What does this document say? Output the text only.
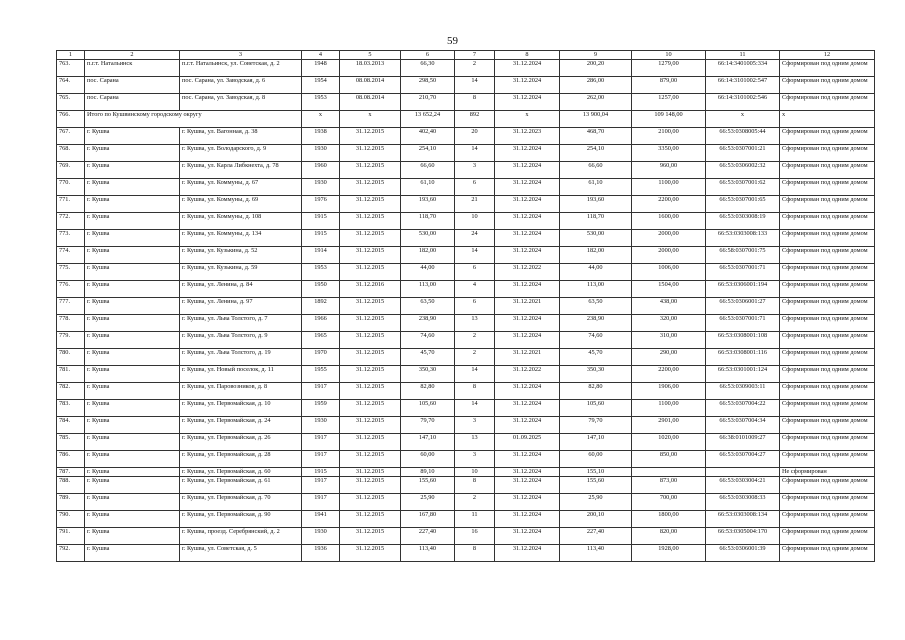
59
1	2	3	4	5	6	7	8	9	10	11	12
763.	п.г.т. Натальинск	п.г.т. Натальинск, ул. Советская, д. 2	1948	18.03.2013	66,30	2	31.12.2024	200,20	1279,00	66:14:3401005:334	Сформирован под одним домом
764.	пос. Сарана	пос. Сарана, ул. Заводская, д. 6	1954	08.08.2014	298,50	14	31.12.2024	286,00	879,00	66:14:3101002:547	Сформирован под одним домом
765.	пос. Сарана	пос. Сарана, ул. Заводская, д. 8	1953	08.08.2014	210,70	8	31.12.2024	262,00	1257,00	66:14:3101002:546	Сформирован под одним домом
766.	Итого по Кушвинскому городскому округу		x	x	13 652,24	892	x	13 900,04	109 148,00	x	x
767.	г. Кушва	г. Кушва, ул. Вагонная, д. 38	1938	31.12.2015	402,40	20	31.12.2023	468,70	2100,00	66:53:0308005:44	Сформирован под одним домом
768.	г. Кушва	г. Кушва, ул. Володарского, д. 9	1930	31.12.2015	254,10	14	31.12.2024	254,10	3350,00	66:53:0307001:21	Сформирован под одним домом
769.	г. Кушва	г. Кушва, ул. Карла Либкнехта, д. 78	1960	31.12.2015	66,60	3	31.12.2024	66,60	960,00	66:53:0306002:32	Сформирован под одним домом
770.	г. Кушва	г. Кушва, ул. Коммуны, д. 67	1930	31.12.2015	61,10	6	31.12.2024	61,10	1100,00	66:53:0307001:62	Сформирован под одним домом
771.	г. Кушва	г. Кушва, ул. Коммуны, д. 69	1976	31.12.2015	193,60	21	31.12.2024	193,60	2200,00	66:53:0307001:65	Сформирован под одним домом
772.	г. Кушва	г. Кушва, ул. Коммуны, д. 108	1915	31.12.2015	118,70	10	31.12.2024	118,70	1600,00	66:53:0303008:19	Сформирован под одним домом
773.	г. Кушва	г. Кушва, ул. Коммуны, д. 134	1915	31.12.2015	530,00	24	31.12.2024	530,00	2000,00	66:53:0303008:133	Сформирован под одним домом
774.	г. Кушва	г. Кушва, ул. Кузькина, д. 52	1914	31.12.2015	182,00	14	31.12.2024	182,00	2000,00	66:58:0307001:75	Сформирован под одним домом
775.	г. Кушва	г. Кушва, ул. Кузькина, д. 59	1953	31.12.2015	44,00	6	31.12.2022	44,00	1006,00	66:53:0307001:71	Сформирован под одним домом
776.	г. Кушва	г. Кушва, ул. Ленина, д. 84	1950	31.12.2016	113,00	4	31.12.2024	113,00	1504,00	66:53:0306001:194	Сформирован под одним домом
777.	г. Кушва	г. Кушва, ул. Ленина, д. 97	1892	31.12.2015	63,50	6	31.12.2021	63,50	438,00	66:53:0306001:27	Сформирован под одним домом
778.	г. Кушва	г. Кушва, ул. Льва Толстого, д. 7	1966	31.12.2015	238,90	13	31.12.2024	238,90	320,00	66:53:0307001:71	Сформирован под одним домом
779.	г. Кушва	г. Кушва, ул. Льва Толстого, д. 9	1965	31.12.2015	74,60	2	31.12.2024	74,60	310,00	66:53:0308001:108	Сформирован под одним домом
780.	г. Кушва	г. Кушва, ул. Льва Толстого, д. 19	1970	31.12.2015	45,70	2	31.12.2021	45,70	290,00	66:53:0308001:116	Сформирован под одним домом
781.	г. Кушва	г. Кушва, ул. Новый поселок, д. 11	1955	31.12.2015	350,30	14	31.12.2022	350,30	2200,00	66:53:0301001:124	Сформирован под одним домом
782.	г. Кушва	г. Кушва, ул. Паровозников, д. 8	1917	31.12.2015	82,80	8	31.12.2024	82,80	1906,00	66:53:0309003:11	Сформирован под одним домом
783.	г. Кушва	г. Кушва, ул. Первомайская, д. 10	1959	31.12.2015	105,60	14	31.12.2024	105,60	1100,00	66:53:0307004:22	Сформирован под одним домом
784.	г. Кушва	г. Кушва, ул. Первомайская, д. 24	1930	31.12.2015	79,70	3	31.12.2024	79,70	2901,00	66:53:0307004:34	Сформирован под одним домом
785.	г. Кушва	г. Кушва, ул. Первомайская, д. 26	1917	31.12.2015	147,10	13	01.09.2025	147,10	1020,00	66:38:0101009:27	Сформирован под одним домом
786.	г. Кушва	г. Кушва, ул. Первомайская, д. 28	1917	31.12.2015	60,00	3	31.12.2024	60,00	850,00	66:53:0307004:27	Сформирован под одним домом
787.	г. Кушва	г. Кушва, ул. Первомайская, д. 60	1915	31.12.2015	89,10	10	31.12.2024	155,10			Не сформирован
788.	г. Кушва	г. Кушва, ул. Первомайская, д. 61	1917	31.12.2015	155,60	8	31.12.2024	155,60	873,00	66:53:0303004:21	Сформирован под одним домом
789.	г. Кушва	г. Кушва, ул. Первомайская, д. 70	1917	31.12.2015	25,90	2	31.12.2024	25,90	700,00	66:53:0303008:33	Сформирован под одним домом
790.	г. Кушва	г. Кушва, ул. Первомайская, д. 90	1941	31.12.2015	167,80	11	31.12.2024	200,10	1800,00	66:53:0303008:134	Сформирован под одним домом
791.	г. Кушва	г. Кушва, проезд. Серебрянский, д. 2	1930	31.12.2015	227,40	16	31.12.2024	227,40	820,00	66:53:0305004:170	Сформирован под одним домом
792.	г. Кушва	г. Кушва, ул. Советская, д. 5	1936	31.12.2015	113,40	8	31.12.2024	113,40	1928,00	66:53:0306001:39	Сформирован под одним домом
